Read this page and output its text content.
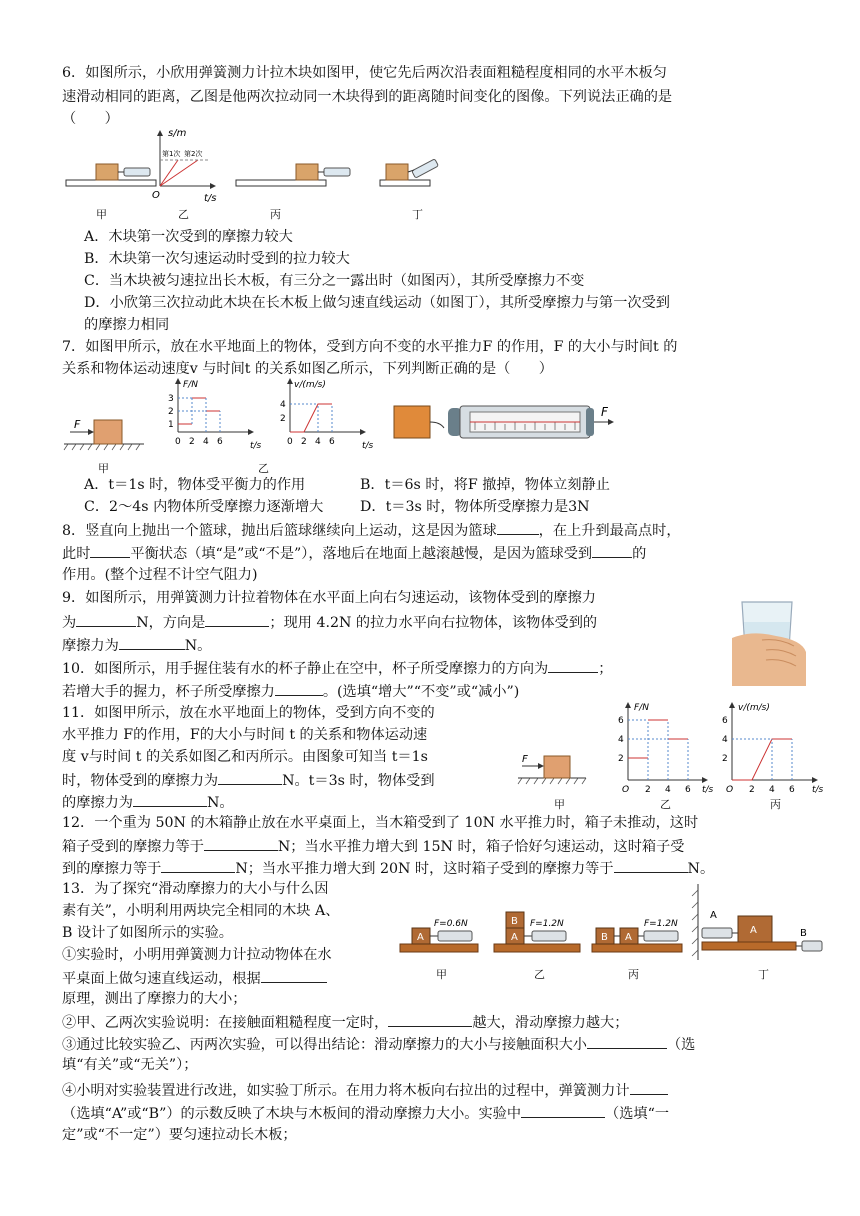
6．如图所示，小欣用弹簧测力计拉木块如图甲，使它先后两次沿表面粗糙程度相同的水平木板匀
速滑动相同的距离，乙图是他两次拉动同一木块得到的距离随时间变化的图像。下列说法正确的是
（　　）
s/m
t/s
O
第1次 第2次
甲	乙	丙	丁
A．木块第一次受到的摩擦力较大
B．木块第一次匀速运动时受到的拉力较大
C．当木块被匀速拉出长木板，有三分之一露出时（如图丙），其所受摩擦力不变
D．小欣第三次拉动此木块在长木板上做匀速直线运动（如图丁），其所受摩擦力与第一次受到
的摩擦力相同
7．如图甲所示，放在水平地面上的物体，受到方向不变的水平推力F 的作用，F 的大小与时间t 的
关系和物体运动速度v 与时间t 的关系如图乙所示，下列判断正确的是（　　）
F
F/N
t/s
1
2
3
0 2 4 6
v/(m/s)
t/s
2
4
0 2 4 6
F
甲	乙
A．t＝1s 时，物体受平衡力的作用	B．t＝6s 时，将F 撤掉，物体立刻静止
C．2～4s 内物体所受摩擦力逐渐增大	D．t＝3s 时，物体所受摩擦力是3N
8．竖直向上抛出一个篮球，抛出后篮球继续向上运动，这是因为篮球	，在上升到最高点时，
此时	平衡状态（填“是”或“不是”），落地后在地面上越滚越慢，是因为篮球受到	的
作用。(整个过程不计空气阻力)
9．如图所示，用弹簧测力计拉着物体在水平面上向右匀速运动，该物体受到的摩擦力
为	N，方向是	；现用 4.2N 的拉力水平向右拉物体，该物体受到的
摩擦力为	N。
10．如图所示，用手握住装有水的杯子静止在空中，杯子所受摩擦力的方向为	；
若增大手的握力，杯子所受摩擦力	。(选填“增大”“不变”或“减小”)
11．如图甲所示，放在水平地面上的物体，受到方向不变的
水平推力 F的作用，F的大小与时间 t 的关系和物体运动速
度 v与时间 t 的关系如图乙和丙所示。由图象可知当 t＝1s
时，物体受到的摩擦力为	N。t＝3s 时，物体受到
的摩擦力为	N。
F
F/N
t/s
2
4
6
O 2 4 6
v/(m/s)
t/s
2
4
6
O 2 4 6
甲	乙	丙
12．一个重为 50N 的木箱静止放在水平桌面上，当木箱受到了 10N 水平推力时，箱子未推动，这时
箱子受到的摩擦力等于	N；当水平推力增大到 15N 时，箱子恰好匀速运动，这时箱子受
到的摩擦力等于	N；当水平推力增大到 20N 时，这时箱子受到的摩擦力等于	N。
13．为了探究“滑动摩擦力的大小与什么因
素有关”，小明利用两块完全相同的木块 A、
B 设计了如图所示的实验。
①实验时，小明用弹簧测力计拉动物体在水
平桌面上做匀速直线运动，根据
原理，测出了摩擦力的大小；
②甲、乙两次实验说明：在接触面粗糙程度一定时，	越大，滑动摩擦力越大；
③通过比较实验乙、丙两次实验，可以得出结论：滑动摩擦力的大小与接触面积大小	（选
填“有关”或“无关”）；
④小明对实验装置进行改进，如实验丁所示。在用力将木板向右拉出的过程中，弹簧测力计
（选填“A”或“B”）的示数反映了木块与木板间的滑动摩擦力大小。实验中	（选填“一
定”或“不一定”）要匀速拉动长木板；
A
F=0.6N
A
B F=1.2N
B A
F=1.2N
A
A	B
甲	乙	丙	丁
